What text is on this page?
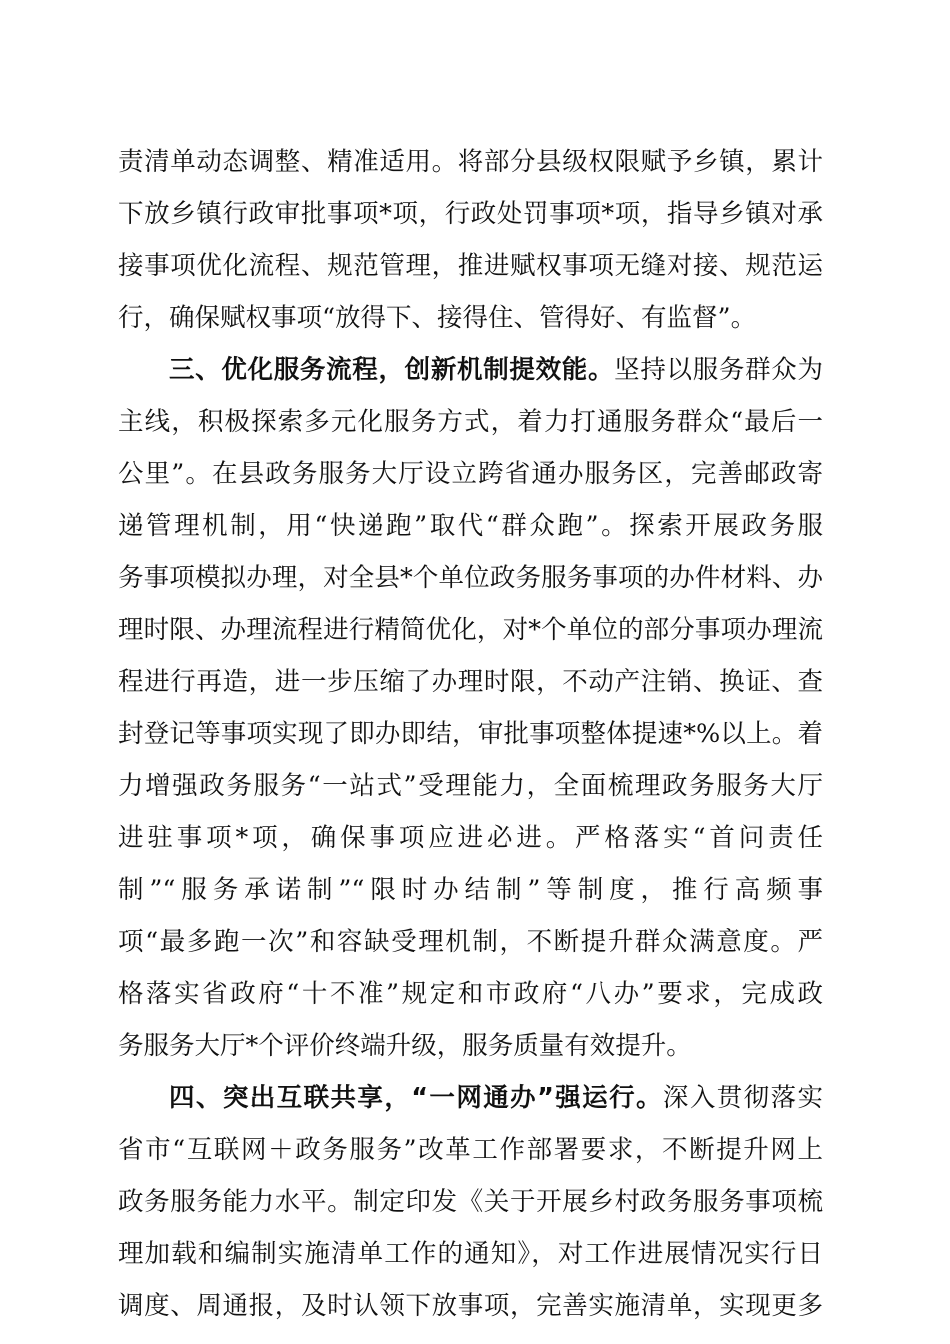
责清单动态调整、精准适用。将部分县级权限赋予乡镇，累计
下放乡镇行政审批事项*项，行政处罚事项*项，指导乡镇对承
接事项优化流程、规范管理，推进赋权事项无缝对接、规范运
行，确保赋权事项“放得下、接得住、管得好、有监督”。
三、优化服务流程，创新机制提效能。坚持以服务群众为
主线，积极探索多元化服务方式，着力打通服务群众“最后一
公里”。在县政务服务大厅设立跨省通办服务区，完善邮政寄
递管理机制，用“快递跑”取代“群众跑”。探索开展政务服
务事项模拟办理，对全县*个单位政务服务事项的办件材料、办
理时限、办理流程进行精简优化，对*个单位的部分事项办理流
程进行再造，进一步压缩了办理时限，不动产注销、换证、查
封登记等事项实现了即办即结，审批事项整体提速*%以上。着
力增强政务服务“一站式”受理能力，全面梳理政务服务大厅
进驻事项*项，确保事项应进必进。严格落实“首问责任
制”“服务承诺制”“限时办结制”等制度，推行高频事
项“最多跑一次”和容缺受理机制，不断提升群众满意度。严
格落实省政府“十不准”规定和市政府“八办”要求，完成政
务服务大厅*个评价终端升级，服务质量有效提升。
四、突出互联共享，“一网通办”强运行。深入贯彻落实
省市“互联网＋政务服务”改革工作部署要求，不断提升网上
政务服务能力水平。制定印发《关于开展乡村政务服务事项梳
理加载和编制实施清单工作的通知》，对工作进展情况实行日
调度、周通报，及时认领下放事项，完善实施清单，实现更多
